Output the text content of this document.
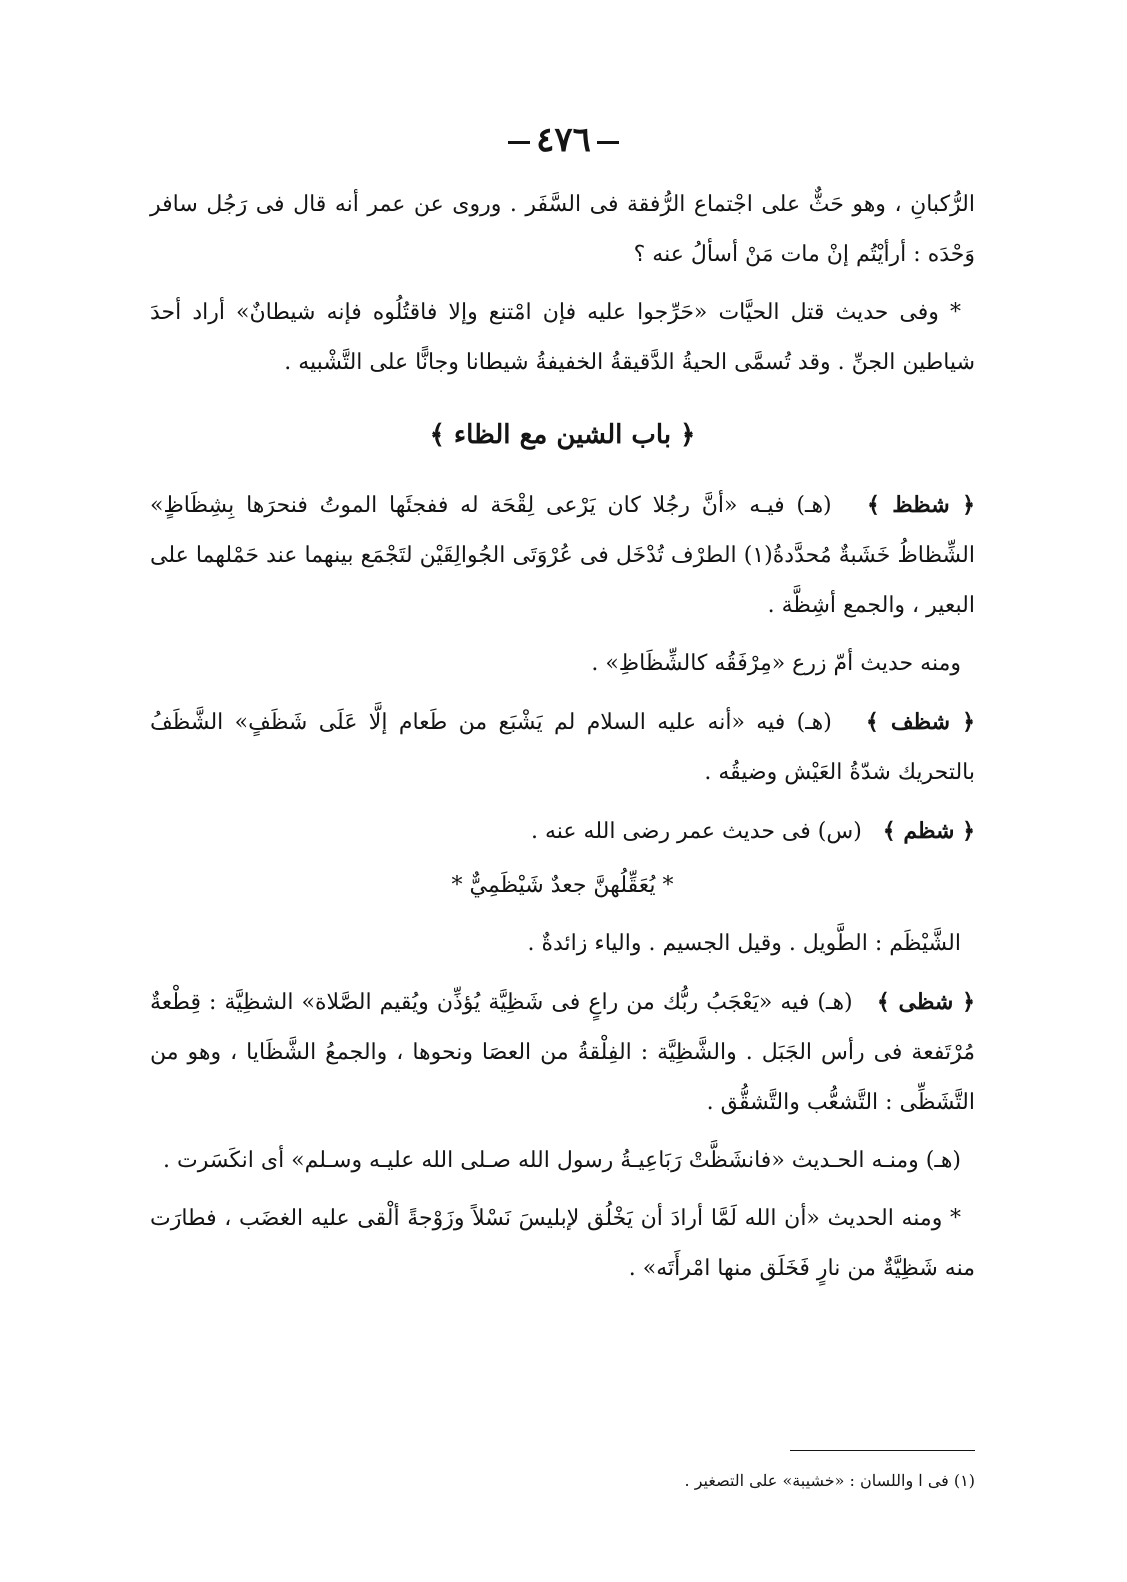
٤٧٦

الرُّكبانِ ، وهو حَثٌّ على اجْتماع الرُّفقة فى السَّفَر . وروى عن عمر أنه قال فى رَجُل سافر وَحْدَه : أرأيْتُم إنْ مات مَنْ أسألُ عنه ؟

* وفى حديث قتل الحيَّات «حَرِّجوا عليه فإن امْتنع وإلا فاقتُلُوه فإنه شيطانٌ» أراد أحدَ شياطين الجنِّ . وقد تُسمَّى الحيةُ الدَّقيقةُ الخفيفةُ شيطانا وجانًّا على التَّشْبيه .

﴿ باب الشين مع الظاء ﴾

﴿ شظظ ﴾   (هـ) فيـه «أنَّ رجُلا كان يَرْعى لِقْحَة له ففجئَها الموتُ فنحرَها بِشِظَاظٍ» الشِّظاظُ خَشَبةٌ مُحدَّدةُ(١) الطرْف تُدْخَل فى عُرْوَتَى الجُوالِقَيْن لتَجْمَع بينهما عند حَمْلهما على البعير ، والجمع أشِظَّة .

ومنه حديث أمّ زرع «مِرْفَقُه كالشِّظَاظِ» .

﴿ شظف ﴾   (هـ) فيه «أنه عليه السلام لم يَشْبَع من طَعام إلَّا عَلَى شَظَفٍ» الشَّظَفُ بالتحريك شدّةُ العَيْش وضيقُه .

﴿ شظم ﴾   (س) فى حديث عمر رضى الله عنه .

* يُعَقِّلُهنَّ جعدٌ شَيْظَمِيٌّ *

الشَّيْظَم : الطَّويل . وقيل الجسيم . والياء زائدةٌ .

﴿ شظى ﴾   (هـ) فيه «يَعْجَبُ ربُّك من راعٍ فى شَظِيَّة يُؤذِّن ويُقيم الصَّلاة» الشظِيَّة : قِطْعةٌ مُرْتَفعة فى رأس الجَبَل . والشَّظِيَّة : الفِلْقةُ من العصَا ونحوها ، والجمعُ الشَّظَايا ، وهو من التَّشَظِّى : التَّشعُّب والتَّشقُّق .

(هـ) ومنـه الحـديث «فانشَظَّتْ رَبَاعِيـةُ رسول الله صـلى الله عليـه وسـلم» أى انكَسَرت .

* ومنه الحديث «أن الله لَمَّا أرادَ أن يَخْلُق لإبليسَ نَسْلاً وزَوْجةً ألْقى عليه الغضَب ، فطارَت منه شَظِيَّةٌ من نارٍ فَخَلَق منها امْرأَتَه» .

(١) فى ا واللسان : «خشيبة» على التصغير .
